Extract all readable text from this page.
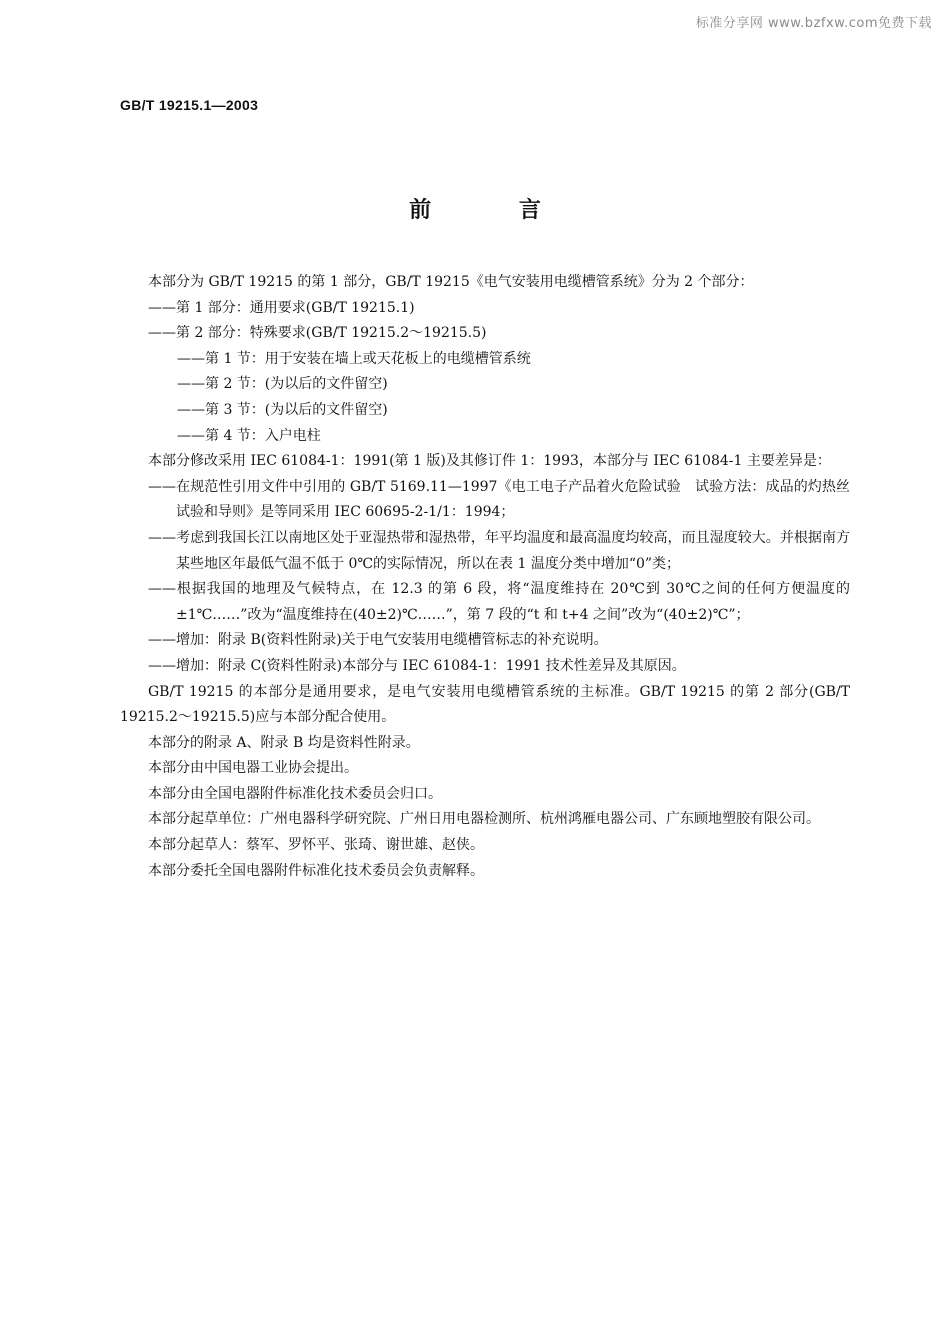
标准分享网 www.bzfxw.com免费下载
GB/T 19215.1—2003
前 言

本部分为 GB/T 19215 的第 1 部分，GB/T 19215《电气安装用电缆槽管系统》分为 2 个部分：

——第 1 部分：通用要求(GB/T 19215.1)

——第 2 部分：特殊要求(GB/T 19215.2～19215.5)

——第 1 节：用于安装在墙上或天花板上的电缆槽管系统

——第 2 节：(为以后的文件留空)

——第 3 节：(为以后的文件留空)

——第 4 节：入户电柱

本部分修改采用 IEC 61084-1：1991(第 1 版)及其修订件 1：1993，本部分与 IEC 61084-1 主要差异是：

——在规范性引用文件中引用的 GB/T 5169.11—1997《电工电子产品着火危险试验　试验方法：成品的灼热丝试验和导则》是等同采用 IEC 60695-2-1/1：1994；

——考虑到我国长江以南地区处于亚湿热带和湿热带，年平均温度和最高温度均较高，而且湿度较大。并根据南方某些地区年最低气温不低于 0℃的实际情况，所以在表 1 温度分类中增加“0”类；

——根据我国的地理及气候特点，在 12.3 的第 6 段，将“温度维持在 20℃到 30℃之间的任何方便温度的±1℃……”改为“温度维持在(40±2)℃……”，第 7 段的“t 和 t+4 之间”改为“(40±2)℃”；

——增加：附录 B(资料性附录)关于电气安装用电缆槽管标志的补充说明。

——增加：附录 C(资料性附录)本部分与 IEC 61084-1：1991 技术性差异及其原因。

GB/T 19215 的本部分是通用要求，是电气安装用电缆槽管系统的主标准。GB/T 19215 的第 2 部分(GB/T 19215.2～19215.5)应与本部分配合使用。

本部分的附录 A、附录 B 均是资料性附录。

本部分由中国电器工业协会提出。

本部分由全国电器附件标准化技术委员会归口。

本部分起草单位：广州电器科学研究院、广州日用电器检测所、杭州鸿雁电器公司、广东顾地塑胶有限公司。

本部分起草人：蔡军、罗怀平、张琦、谢世雄、赵侠。

本部分委托全国电器附件标准化技术委员会负责解释。
